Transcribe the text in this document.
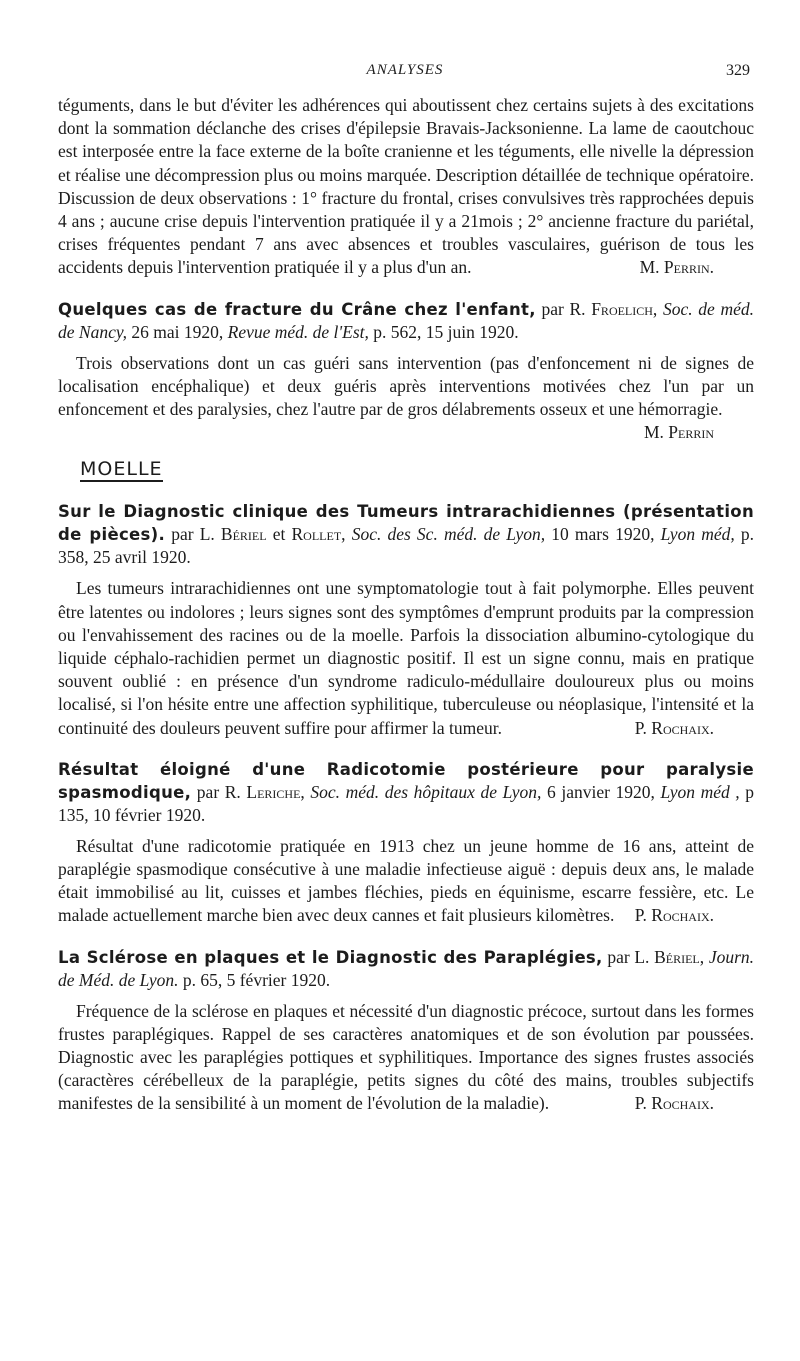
ANALYSES	329

téguments, dans le but d'éviter les adhérences qui aboutissent chez certains sujets à des excitations dont la sommation déclanche des crises d'épilepsie Bravais-Jacksonienne. La lame de caoutchouc est interposée entre la face externe de la boîte cranienne et les téguments, elle nivelle la dépression et réalise une décompression plus ou moins marquée. Description détaillée de technique opératoire. Discussion de deux observations : 1° fracture du frontal, crises convulsives très rapprochées depuis 4 ans ; aucune crise depuis l'intervention pratiquée il y a 21mois ; 2° ancienne fracture du pariétal, crises fréquentes pendant 7 ans avec absences et troubles vasculaires, guérison de tous les accidents depuis l'intervention pratiquée il y a plus d'un an.	M. Perrin.

Quelques cas de fracture du Crâne chez l'enfant, par R. Froelich, Soc. de méd. de Nancy, 26 mai 1920, Revue méd. de l'Est, p. 562, 15 juin 1920.

Trois observations dont un cas guéri sans intervention (pas d'enfoncement ni de signes de localisation encéphalique) et deux guéris après interventions motivées chez l'un par un enfoncement et des paralysies, chez l'autre par de gros délabrements osseux et une hémorragie.
M. Perrin

MOELLE
Sur le Diagnostic clinique des Tumeurs intrarachidiennes (présentation de pièces). par L. Bériel et Rollet, Soc. des Sc. méd. de Lyon, 10 mars 1920, Lyon méd, p. 358, 25 avril 1920.

Les tumeurs intrarachidiennes ont une symptomatologie tout à fait polymorphe. Elles peuvent être latentes ou indolores ; leurs signes sont des symptômes d'emprunt produits par la compression ou l'envahissement des racines ou de la moelle. Parfois la dissociation albumino-cytologique du liquide céphalo-rachidien permet un diagnostic positif. Il est un signe connu, mais en pratique souvent oublié : en présence d'un syndrome radiculo-médullaire douloureux plus ou moins localisé, si l'on hésite entre une affection syphilitique, tuberculeuse ou néoplasique, l'intensité et la continuité des douleurs peuvent suffire pour affirmer la tumeur.	P. Rochaix.

Résultat éloigné d'une Radicotomie postérieure pour paralysie spasmodique, par R. Leriche, Soc. méd. des hôpitaux de Lyon, 6 janvier 1920, Lyon méd , p 135, 10 février 1920.

Résultat d'une radicotomie pratiquée en 1913 chez un jeune homme de 16 ans, atteint de paraplégie spasmodique consécutive à une maladie infectieuse aiguë : depuis deux ans, le malade était immobilisé au lit, cuisses et jambes fléchies, pieds en équinisme, escarre fessière, etc. Le malade actuellement marche bien avec deux cannes et fait plusieurs kilomètres.	P. Rochaix.

La Sclérose en plaques et le Diagnostic des Paraplégies, par L. Bériel, Journ. de Méd. de Lyon. p. 65, 5 février 1920.

Fréquence de la sclérose en plaques et nécessité d'un diagnostic précoce, surtout dans les formes frustes paraplégiques. Rappel de ses caractères anatomiques et de son évolution par poussées. Diagnostic avec les paraplégies pottiques et syphilitiques. Importance des signes frustes associés (caractères cérébelleux de la paraplégie, petits signes du côté des mains, troubles subjectifs manifestes de la sensibilité à un moment de l'évolution de la maladie).	P. Rochaix.
